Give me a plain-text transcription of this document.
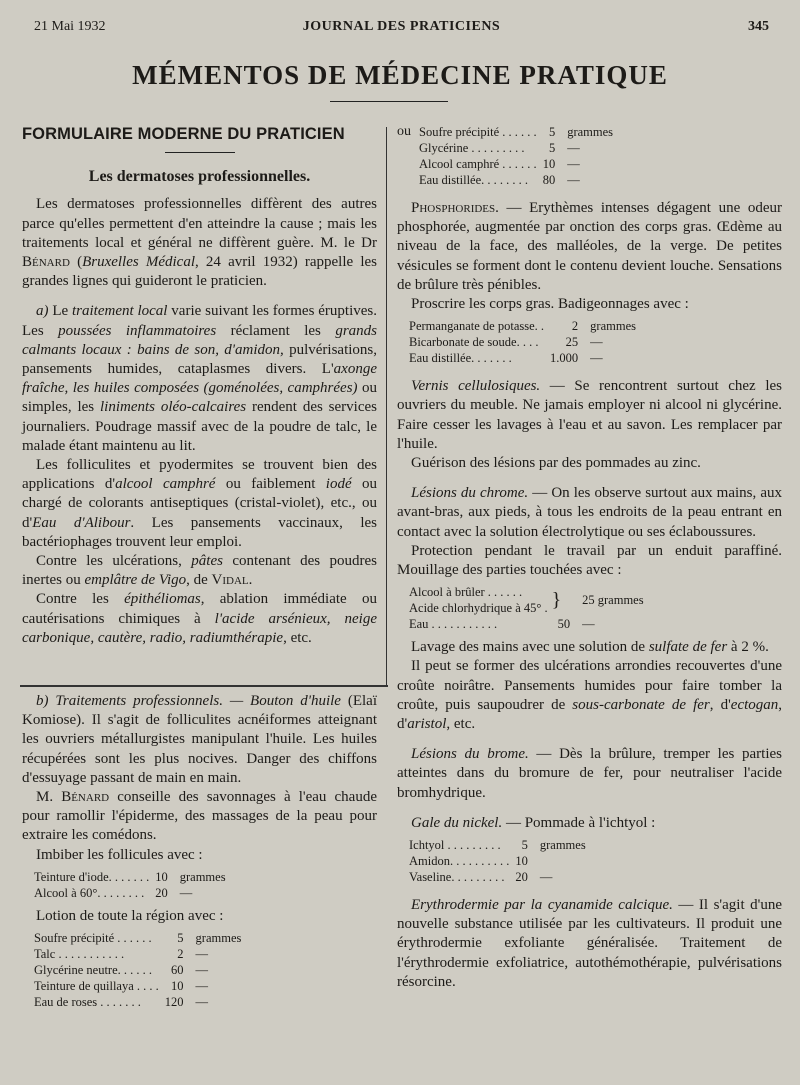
21 Mai 1932	JOURNAL DES PRATICIENS	345
MÉMENTOS DE MÉDECINE PRATIQUE
FORMULAIRE MODERNE DU PRATICIEN
Les dermatoses professionnelles.

Les dermatoses professionnelles diffèrent des autres parce qu'elles permettent d'en atteindre la cause ; mais les traitements local et général ne diffèrent guère. M. le Dr Bénard (Bruxelles Médical, 24 avril 1932) rappelle les grandes lignes qui guideront le praticien.

a) Le traitement local varie suivant les formes éruptives. Les poussées inflammatoires réclament les grands calmants locaux : bains de son, d'amidon, pulvérisations, pansements humides, cataplasmes divers. L'axonge fraîche, les huiles composées (goménolées, camphrées) ou simples, les liniments oléo-calcaires rendent des services journaliers. Poudrage massif avec de la poudre de talc, le malade étant maintenu au lit.

Les folliculites et pyodermites se trouvent bien des applications d'alcool camphré ou faiblement iodé ou chargé de colorants antiseptiques (cristal-violet), etc., ou d'Eau d'Alibour. Les pansements vaccinaux, les bactériophages trouvent leur emploi.

Contre les ulcérations, pâtes contenant des poudres inertes ou emplâtre de Vigo, de Vidal.

Contre les épithéliomas, ablation immédiate ou cautérisations chimiques à l'acide arsénieux, neige carbonique, cautère, radio, radiumthérapie, etc.

b) Traitements professionnels. — Bouton d'huile (Elaï Komiose). Il s'agit de folliculites acnéiformes atteignant les ouvriers métallurgistes manipulant l'huile. Les huiles récupérées sont les plus nocives. Danger des chiffons d'essuyage passant de main en main.

M. Bénard conseille des savonnages à l'eau chaude pour ramollir l'épiderme, des massages de la peau pour extraire les comédons.

Imbiber les follicules avec :

Teinture d'iode. . . . . . .	10	grammes
Alcool à 60°. . . . . . . .	20	—

Lotion de toute la région avec :

Soufre précipité . . . . . .	5	grammes
Talc . . . . . . . . . . .	2	—
Glycérine neutre. . . . . .	60	—
Teinture de quillaya . . . .	10	—
Eau de roses . . . . . . .	120	—
ou	Soufre précipité . . . . . .	5	grammes
	Glycérine . . . . . . . . .	5	—
	Alcool camphré . . . . . .	10	—
	Eau distillée. . . . . . . .	80	—

Phosphorides. — Erythèmes intenses dégagent une odeur phosphorée, augmentée par onction des corps gras. Œdème au niveau de la face, des malléoles, de la verge. De petites vésicules se forment dont le contenu devient louche. Sensations de brûlure très pénibles.

Proscrire les corps gras. Badigeonnages avec :

Permanganate de potasse. .	2	grammes
Bicarbonate de soude. . . .	25	—
Eau distillée. . . . . . .	1.000	—

Vernis cellulosiques. — Se rencontrent surtout chez les ouvriers du meuble. Ne jamais employer ni alcool ni glycérine. Faire cesser les lavages à l'eau et au savon. Les remplacer par l'huile.

Guérison des lésions par des pommades au zinc.

Lésions du chrome. — On les observe surtout aux mains, aux avant-bras, aux pieds, à tous les endroits de la peau entrant en contact avec la solution électrolytique ou ses éclaboussures.

Protection pendant le travail par un enduit paraffiné. Mouillage des parties touchées avec :

Alcool à brûler . . . . . .	}	25 grammes
Acide chlorhydrique à 45° .		
Eau . . . . . . . . . . .	50	—

Lavage des mains avec une solution de sulfate de fer à 2 %.

Il peut se former des ulcérations arrondies recouvertes d'une croûte noirâtre. Pansements humides pour faire tomber la croûte, puis saupoudrer de sous-carbonate de fer, d'ectogan, d'aristol, etc.

Lésions du brome. — Dès la brûlure, tremper les parties atteintes dans du bromure de fer, pour neutraliser l'acide bromhydrique.

Gale du nickel. — Pommade à l'ichtyol :

Ichtyol . . . . . . . . .	5	grammes
Amidon. . . . . . . . . .	10	
Vaseline. . . . . . . . .	20	—

Erythrodermie par la cyanamide calcique. — Il s'agit d'une nouvelle substance utilisée par les cultivateurs. Il produit une érythrodermie exfoliante généralisée. Traitement de l'érythrodermie exfoliatrice, autothémothérapie, pulvérisations résorcine.
